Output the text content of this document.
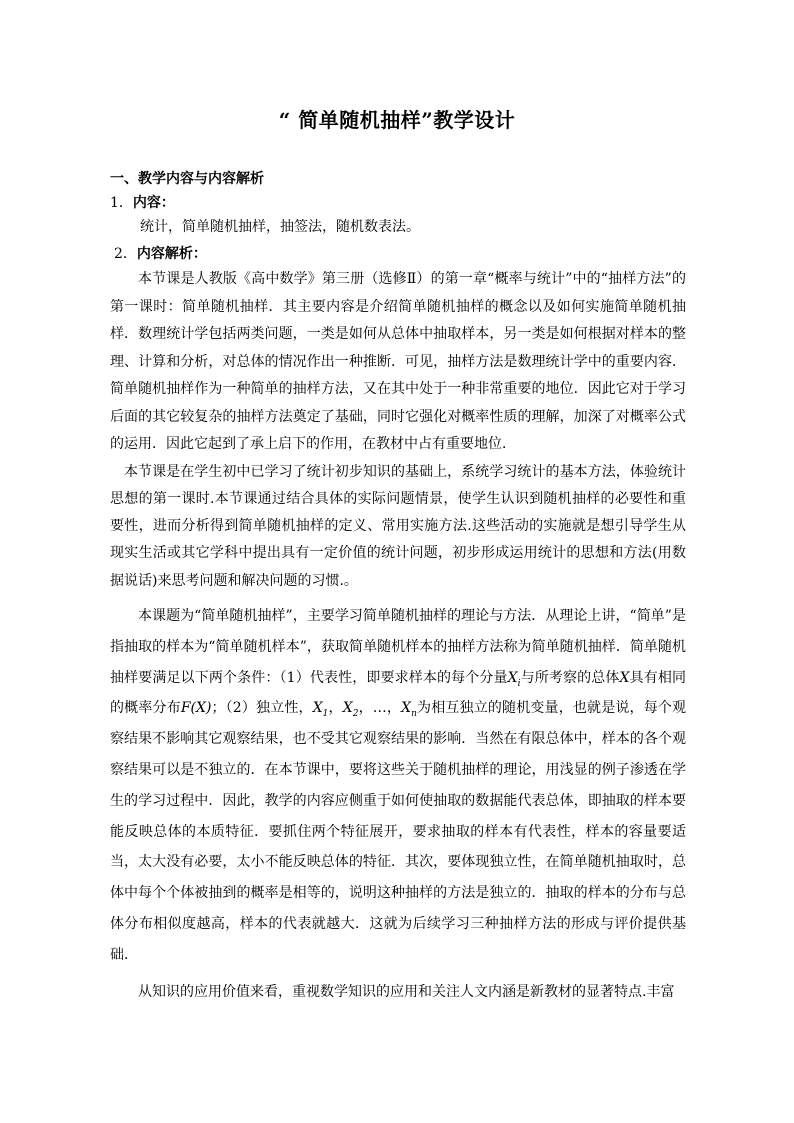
“ 简单随机抽样”教学设计
一、教学内容与内容解析
1．内容：
统计，简单随机抽样，抽签法，随机数表法。
2．内容解析：

本节课是人教版《高中数学》第三册（选修Ⅱ）的第一章“概率与统计”中的“抽样方法”的第一课时：简单随机抽样．其主要内容是介绍简单随机抽样的概念以及如何实施简单随机抽样．数理统计学包括两类问题，一类是如何从总体中抽取样本，另一类是如何根据对样本的整理、计算和分析，对总体的情况作出一种推断．可见，抽样方法是数理统计学中的重要内容．简单随机抽样作为一种简单的抽样方法，又在其中处于一种非常重要的地位．因此它对于学习后面的其它较复杂的抽样方法奠定了基础，同时它强化对概率性质的理解，加深了对概率公式的运用．因此它起到了承上启下的作用，在教材中占有重要地位．

本节课是在学生初中已学习了统计初步知识的基础上，系统学习统计的基本方法，体验统计思想的第一课时.本节课通过结合具体的实际问题情景，使学生认识到随机抽样的必要性和重要性，进而分析得到简单随机抽样的定义、常用实施方法.这些活动的实施就是想引导学生从现实生活或其它学科中提出具有一定价值的统计问题，初步形成运用统计的思想和方法(用数据说话)来思考问题和解决问题的习惯.。

本课题为“简单随机抽样”，主要学习简单随机抽样的理论与方法．从理论上讲，“简单”是指抽取的样本为“简单随机样本”，获取简单随机样本的抽样方法称为简单随机抽样．简单随机抽样要满足以下两个条件：（1）代表性，即要求样本的每个分量$X_i$与所考察的总体X具有相同的概率分布F(X)；（2）独立性，$X_1$，$X_2$，…，$X_n$为相互独立的随机变量，也就是说，每个观察结果不影响其它观察结果，也不受其它观察结果的影响．当然在有限总体中，样本的各个观察结果可以是不独立的．在本节课中，要将这些关于随机抽样的理论，用浅显的例子渗透在学生的学习过程中．因此，教学的内容应侧重于如何使抽取的数据能代表总体，即抽取的样本要能反映总体的本质特征．要抓住两个特征展开，要求抽取的样本有代表性，样本的容量要适当，太大没有必要，太小不能反映总体的特征．其次，要体现独立性，在简单随机抽取时，总体中每个个体被抽到的概率是相等的，说明这种抽样的方法是独立的．抽取的样本的分布与总体分布相似度越高，样本的代表就越大．这就为后续学习三种抽样方法的形成与评价提供基础．

从知识的应用价值来看，重视数学知识的应用和关注人文内涵是新教材的显著特点.丰富
